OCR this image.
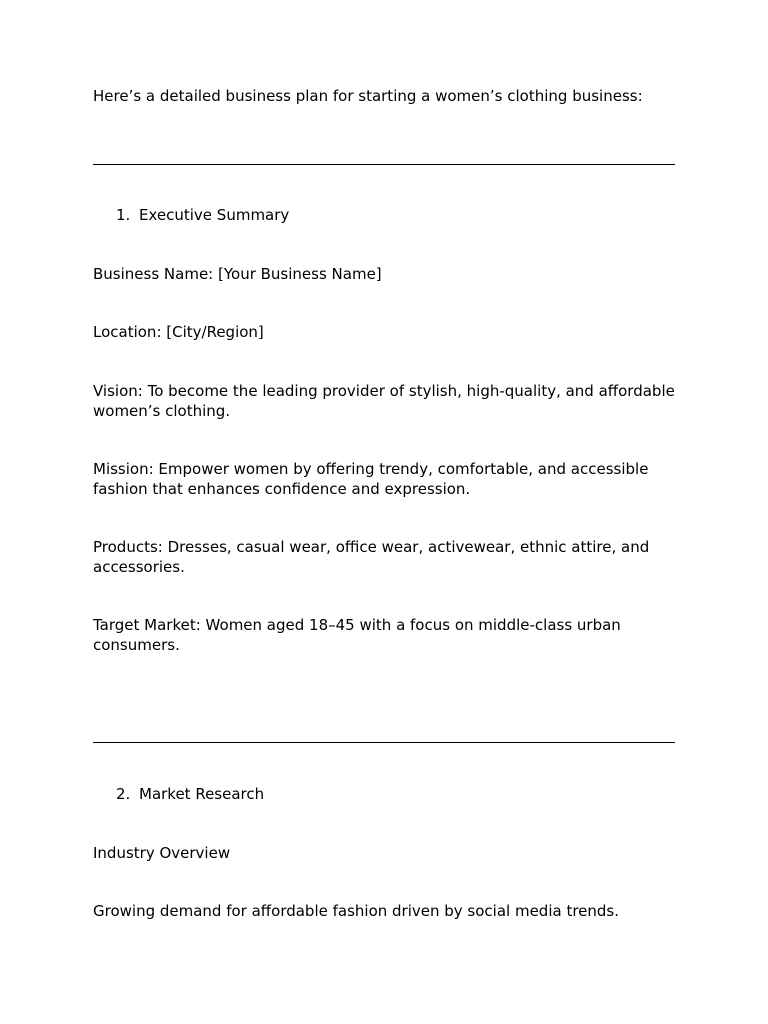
Here’s a detailed business plan for starting a women’s clothing business:

1. Executive Summary

Business Name: [Your Business Name]

Location: [City/Region]

Vision: To become the leading provider of stylish, high-quality, and affordable women’s clothing.

Mission: Empower women by offering trendy, comfortable, and accessible fashion that enhances confidence and expression.

Products: Dresses, casual wear, office wear, activewear, ethnic attire, and accessories.

Target Market: Women aged 18–45 with a focus on middle-class urban consumers.

2. Market Research

Industry Overview

Growing demand for affordable fashion driven by social media trends.
